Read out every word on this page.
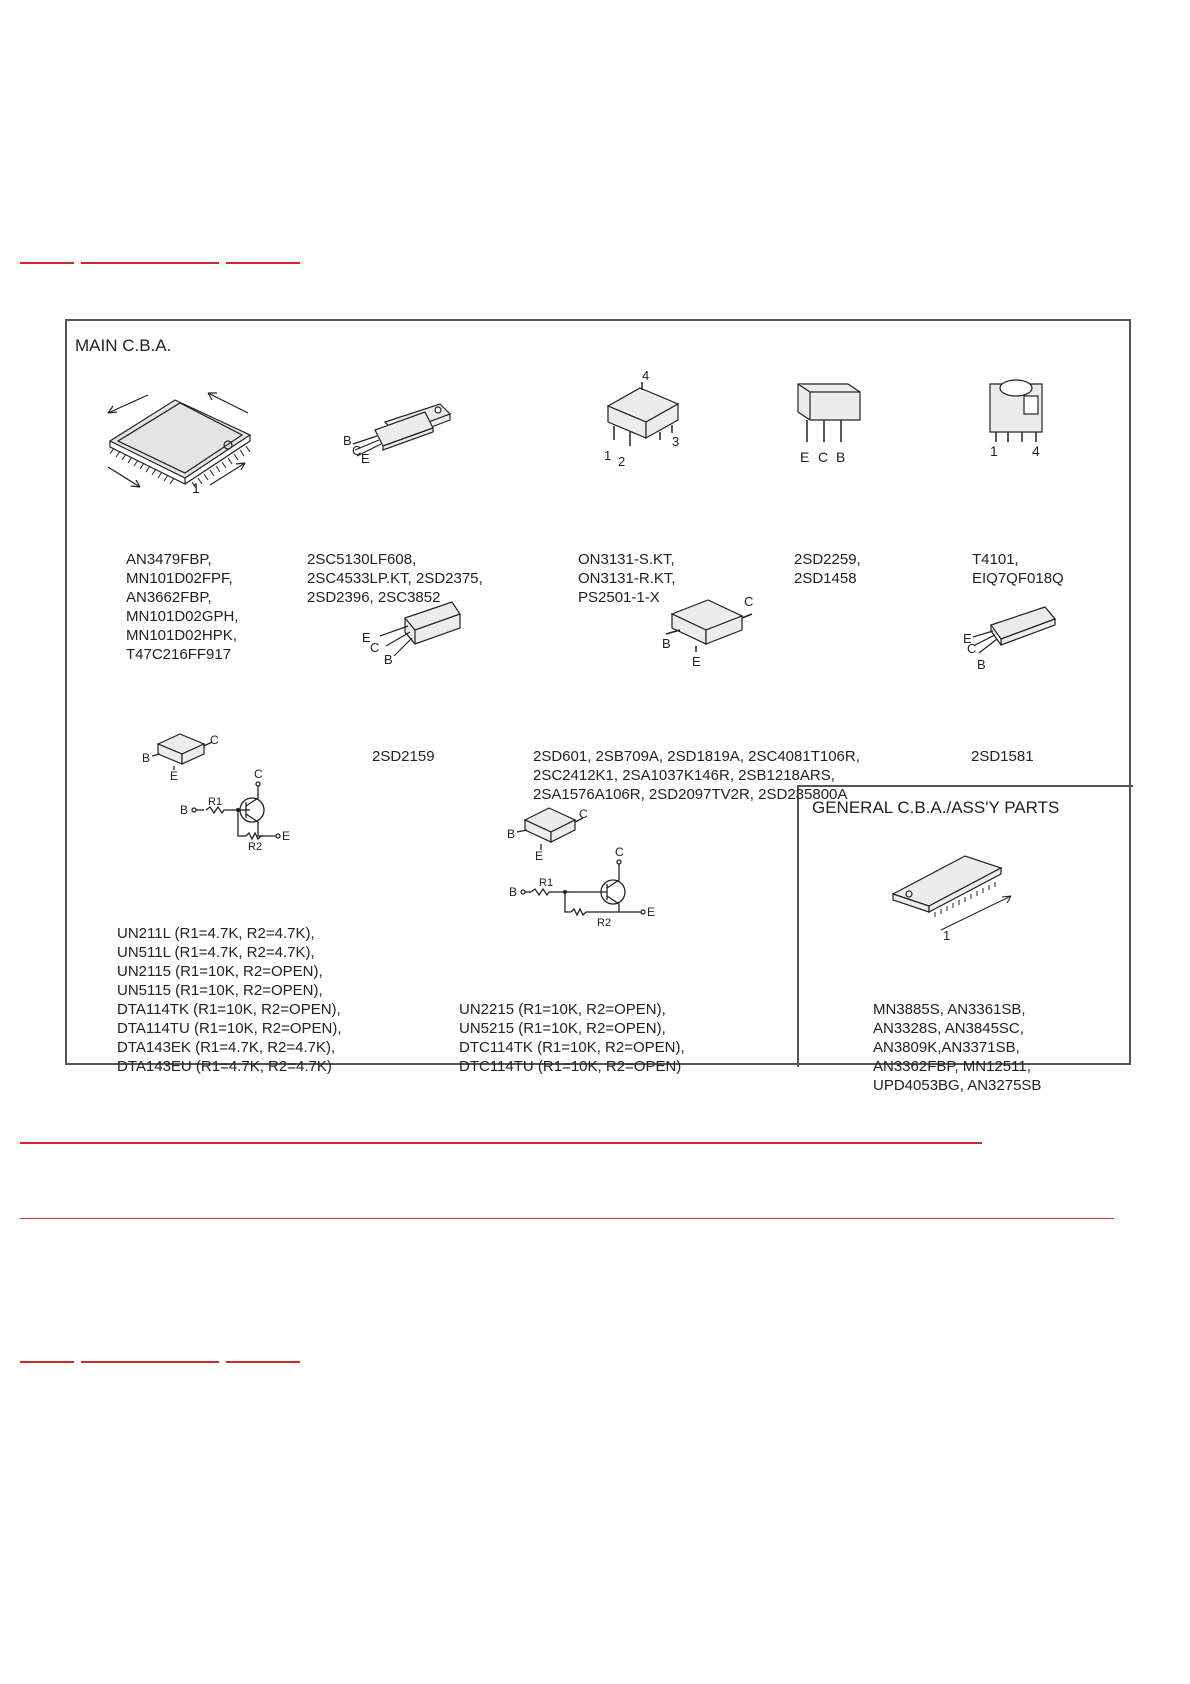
MAIN C.B.A.
GENERAL C.B.A./ASS'Y PARTS
1
B
C
E
4
3
1 2	E C B	1 4
E
C
B
C
B
E
E
C
B
C
B
E	C
B
E
R1
R2
C
B
E	C
B
E
R1
R2
1

AN3479FBP,
MN101D02FPF,
AN3662FBP,
MN101D02GPH,
MN101D02HPK,
T47C216FF917

2SC5130LF608,
2SC4533LP.KT, 2SD2375,
2SD2396, 2SC3852

ON3131-S.KT,
ON3131-R.KT,
PS2501-1-X

2SD2259,
2SD1458

T4101,
EIQ7QF018Q

2SD2159

	2SD601, 2SB709A, 2SD1819A, 2SC4081T106R,
2SC2412K1, 2SA1037K146R, 2SB1218ARS,
2SA1576A106R, 2SD2097TV2R, 2SD235800A

2SD1581

UN211L (R1=4.7K, R2=4.7K),
UN511L (R1=4.7K, R2=4.7K),
UN2115 (R1=10K, R2=OPEN),
UN5115 (R1=10K, R2=OPEN),
DTA114TK (R1=10K, R2=OPEN),
DTA114TU (R1=10K, R2=OPEN),
DTA143EK (R1=4.7K, R2=4.7K),
DTA143EU (R1=4.7K, R2=4.7K)

UN2215 (R1=10K, R2=OPEN),
UN5215 (R1=10K, R2=OPEN),
DTC114TK (R1=10K, R2=OPEN),
DTC114TU (R1=10K, R2=OPEN)

MN3885S, AN3361SB,
AN3328S, AN3845SC,
AN3809K,AN3371SB,
AN3362FBP, MN12511,
UPD4053BG, AN3275SB
